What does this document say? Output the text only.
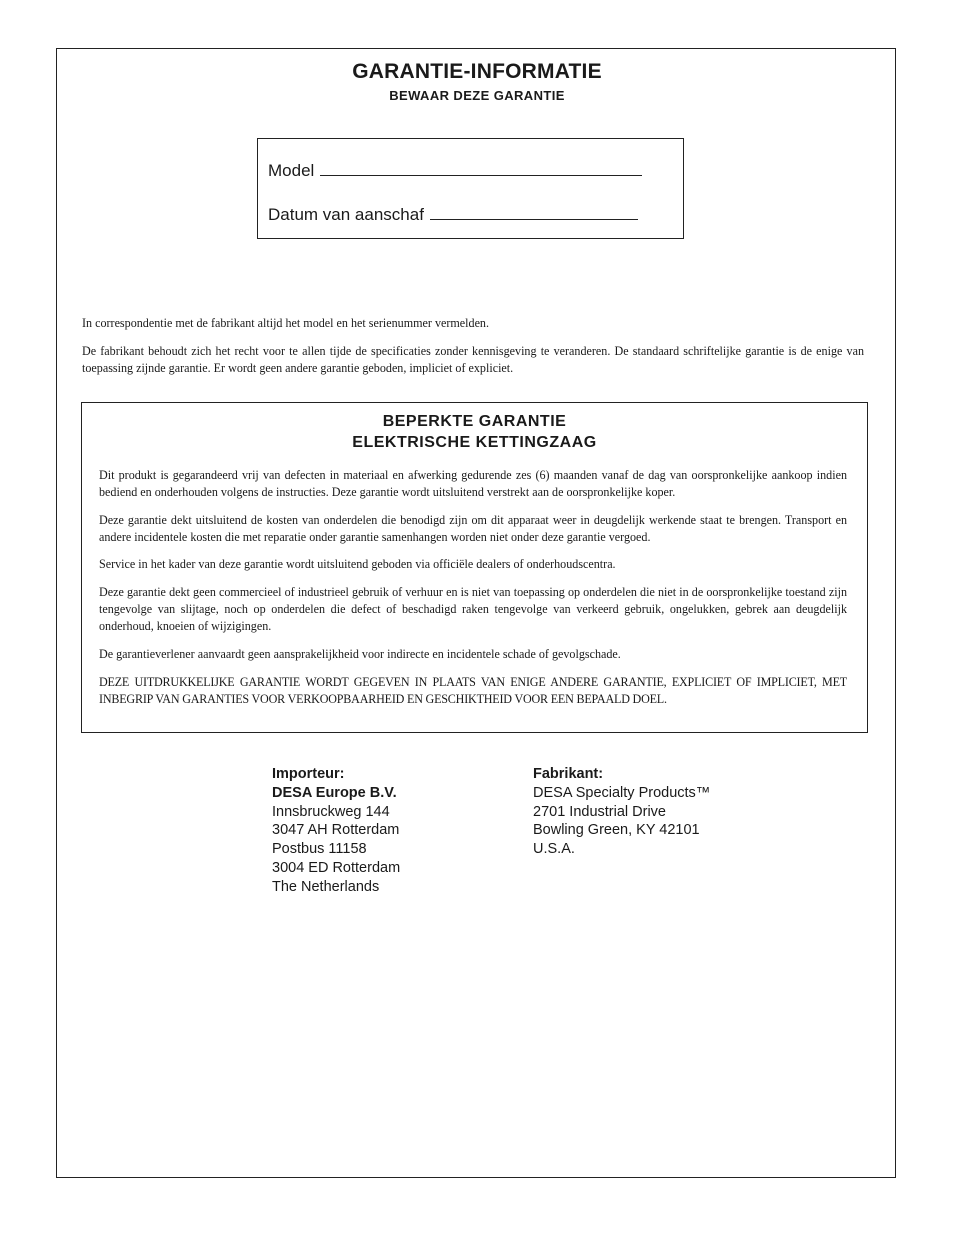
GARANTIE-INFORMATIE
BEWAAR DEZE GARANTIE
Model
Datum van aanschaf

In correspondentie met de fabrikant altijd het model en het serienummer vermelden.

De fabrikant behoudt zich het recht voor te allen tijde de specificaties zonder kennisgeving te veranderen. De standaard schriftelijke garantie is de enige van toepassing zijnde garantie. Er wordt geen andere garantie geboden, impliciet of expliciet.

BEPERKTE GARANTIE
ELEKTRISCHE KETTINGZAAG

Dit produkt is gegarandeerd vrij van defecten in materiaal en afwerking gedurende zes (6) maanden vanaf de dag van oorspronkelijke aankoop indien bediend en onderhouden volgens de instructies. Deze garantie wordt uitsluitend verstrekt aan de oorspronkelijke koper.

Deze garantie dekt uitsluitend de kosten van onderdelen die benodigd zijn om dit apparaat weer in deugdelijk werkende staat te brengen. Transport en andere incidentele kosten die met reparatie onder garantie samenhangen worden niet onder deze garantie vergoed.

Service in het kader van deze garantie wordt uitsluitend geboden via officiële dealers of onderhoudscentra.

Deze garantie dekt geen commercieel of industrieel gebruik of verhuur en is niet van toepassing op onderdelen die niet in de oorspronkelijke toestand zijn tengevolge van slijtage, noch op onderdelen die defect of beschadigd raken tengevolge van verkeerd gebruik, ongelukken, gebrek aan deugdelijk onderhoud, knoeien of wijzigingen.

De garantieverlener aanvaardt geen aansprakelijkheid voor indirecte en incidentele schade of gevolgschade.

DEZE UITDRUKKELIJKE GARANTIE WORDT GEGEVEN IN PLAATS VAN ENIGE ANDERE GARANTIE, EXPLICIET OF IMPLICIET, MET INBEGRIP VAN GARANTIES VOOR VERKOOPBAARHEID EN GESCHIKTHEID VOOR EEN BEPAALD DOEL.

Importeur:
DESA Europe B.V.
Innsbruckweg 144
3047 AH Rotterdam
Postbus 11158
3004 ED Rotterdam
The Netherlands
Fabrikant:
DESA Specialty Products™
2701 Industrial Drive
Bowling Green, KY 42101
U.S.A.
